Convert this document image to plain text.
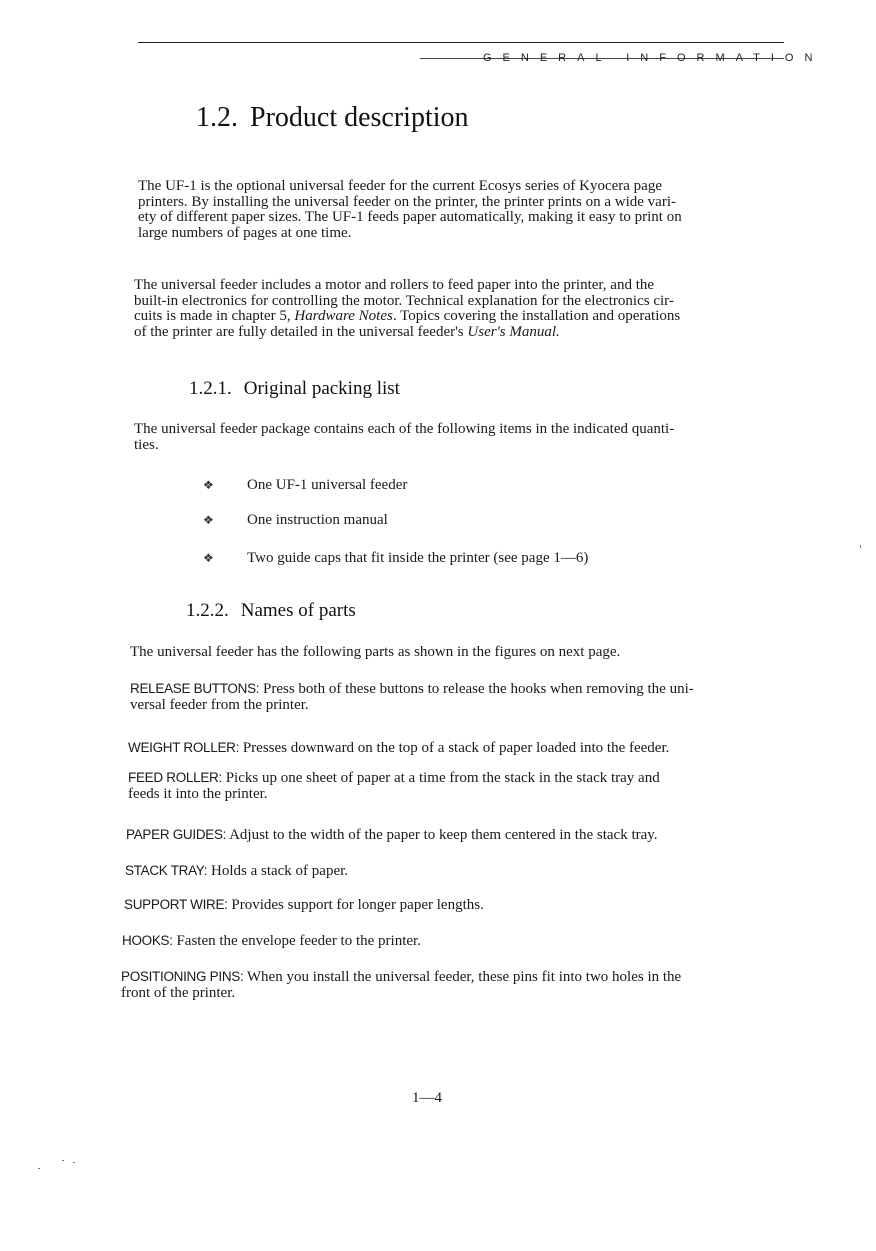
GENERAL INFORMATION
1.2. Product description

The UF-1 is the optional universal feeder for the current Ecosys series of Kyocera page
printers. By installing the universal feeder on the printer, the printer prints on a wide vari-
ety of different paper sizes. The UF-1 feeds paper automatically, making it easy to print on
large numbers of pages at one time.

The universal feeder includes a motor and rollers to feed paper into the printer, and the
built-in electronics for controlling the motor. Technical explanation for the electronics cir-
cuits is made in chapter 5, Hardware Notes. Topics covering the installation and operations
of the printer are fully detailed in the universal feeder's User's Manual.

1.2.1. Original packing list

The universal feeder package contains each of the following items in the indicated quanti-
ties.

❖ One UF-1 universal feeder
❖ One instruction manual
❖ Two guide caps that fit inside the printer (see page 1—6)
1.2.2. Names of parts

The universal feeder has the following parts as shown in the figures on next page.

RELEASE BUTTONS: Press both of these buttons to release the hooks when removing the uni-
versal feeder from the printer.

WEIGHT ROLLER: Presses downward on the top of a stack of paper loaded into the feeder.

FEED ROLLER: Picks up one sheet of paper at a time from the stack in the stack tray and
feeds it into the printer.

PAPER GUIDES: Adjust to the width of the paper to keep them centered in the stack tray.

STACK TRAY: Holds a stack of paper.

SUPPORT WIRE: Provides support for longer paper lengths.

HOOKS: Fasten the envelope feeder to the printer.

POSITIONING PINS: When you install the universal feeder, these pins fit into two holes in the
front of the printer.

1—4
